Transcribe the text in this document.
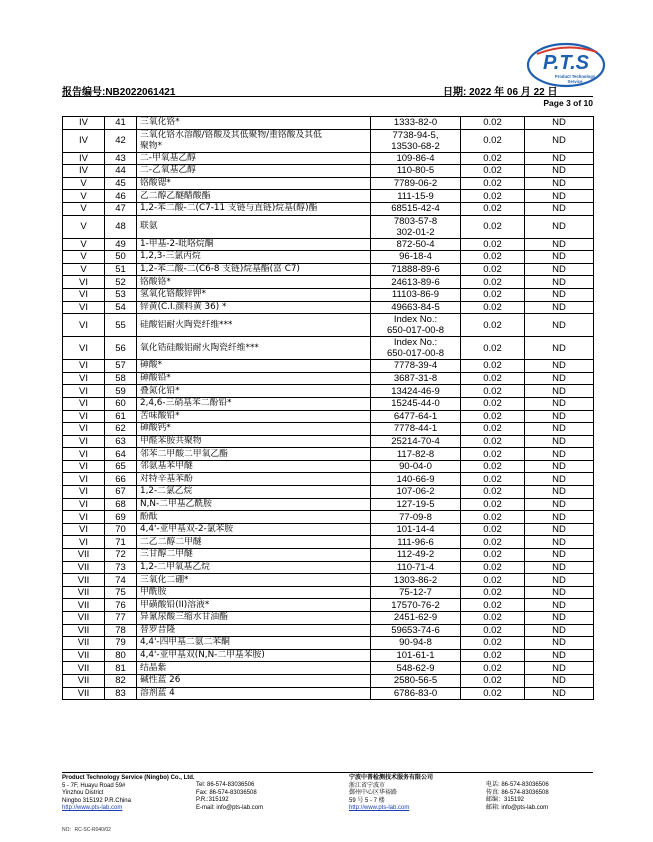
P.T.S
Product Technology
Service
报告编号:NB2022061421	日期: 2022 年 06 月 22 日
Page 3 of 10
IV	41	三氧化铬*	1333-82-0	0.02	ND
IV	42	三氧化铬水溶酸/铬酸及其低聚物/重铬酸及其低
聚物*	7738-94-5,
13530-68-2	0.02	ND
IV	43	二-甲氧基乙醇	109-86-4	0.02	ND
IV	44	二-乙氧基乙醇	110-80-5	0.02	ND
V	45	铬酸锶*	7789-06-2	0.02	ND
V	46	乙二醇乙醚醋酸酯	111-15-9	0.02	ND
V	47	1,2-苯二酸-二(C7-11 支链与直链)烷基(醇)酯	68515-42-4	0.02	ND
V	48	联氨	7803-57-8
302-01-2	0.02	ND
V	49	1-甲基-2-吡咯烷酮	872-50-4	0.02	ND
V	50	1,2,3-三氯丙烷	96-18-4	0.02	ND
V	51	1,2-苯二酸-二(C6-8 支链)烷基酯(富 C7)	71888-89-6	0.02	ND
VI	52	铬酸铬*	24613-89-6	0.02	ND
VI	53	氢氧化铬酸锌钾*	11103-86-9	0.02	ND
VI	54	锌黄(C.I.颜料黄 36) *	49663-84-5	0.02	ND
VI	55	硅酸铝耐火陶瓷纤维***	Index No.:
650-017-00-8	0.02	ND
VI	56	氧化锆硅酸铝耐火陶瓷纤维***	Index No.:
650-017-00-8	0.02	ND
VI	57	砷酸*	7778-39-4	0.02	ND
VI	58	砷酸铅*	3687-31-8	0.02	ND
VI	59	叠氮化铅*	13424-46-9	0.02	ND
VI	60	2,4,6-三硝基苯二酚铅*	15245-44-0	0.02	ND
VI	61	苦味酸铅*	6477-64-1	0.02	ND
VI	62	砷酸钙*	7778-44-1	0.02	ND
VI	63	甲醛苯胺共聚物	25214-70-4	0.02	ND
VI	64	邻苯二甲酸二甲氧乙酯	117-82-8	0.02	ND
VI	65	邻氨基苯甲醚	90-04-0	0.02	ND
VI	66	对特辛基苯酚	140-66-9	0.02	ND
VI	67	1,2-二氯乙烷	107-06-2	0.02	ND
VI	68	N,N-二甲基乙酰胺	127-19-5	0.02	ND
VI	69	酚酞	77-09-8	0.02	ND
VI	70	4,4'-亚甲基双-2-氯苯胺	101-14-4	0.02	ND
VI	71	二乙二醇二甲醚	111-96-6	0.02	ND
VII	72	三甘醇二甲醚	112-49-2	0.02	ND
VII	73	1,2-二甲氧基乙烷	110-71-4	0.02	ND
VII	74	三氧化二硼*	1303-86-2	0.02	ND
VII	75	甲酰胺	75-12-7	0.02	ND
VII	76	甲磺酸铅(II)溶液*	17570-76-2	0.02	ND
VII	77	异氰尿酸三缩水甘油酯	2451-62-9	0.02	ND
VII	78	替罗昔隆	59653-74-6	0.02	ND
VII	79	4,4'-四甲基二氨二苯酮	90-94-8	0.02	ND
VII	80	4,4'-亚甲基双(N,N-二甲基苯胺)	101-61-1	0.02	ND
VII	81	结晶紫	548-62-9	0.02	ND
VII	82	碱性蓝 26	2580-56-5	0.02	ND
VII	83	溶剂蓝 4	6786-83-0	0.02	ND
Product Technology Service (Ningbo) Co., Ltd.
5 - 7F, Huayu Road 59#
Yinzhou District
Ningbo 315192 P.R.China
http://www.pts-lab.com
Tel: 86-574-83036506
Fax: 86-574-83036508
P.R.:315192
E-mail: info@pts-lab.com
宁波中普检测技术服务有限公司
浙江省宁波市
鄞州中心区华裕路
59 号 5 - 7 楼
http://www.pts-lab.com
电话: 86-574-83036506
传真: 86-574-83036508
邮编：315192
邮箱: info@pts-lab.com
NO：RC-SC-R040/02
